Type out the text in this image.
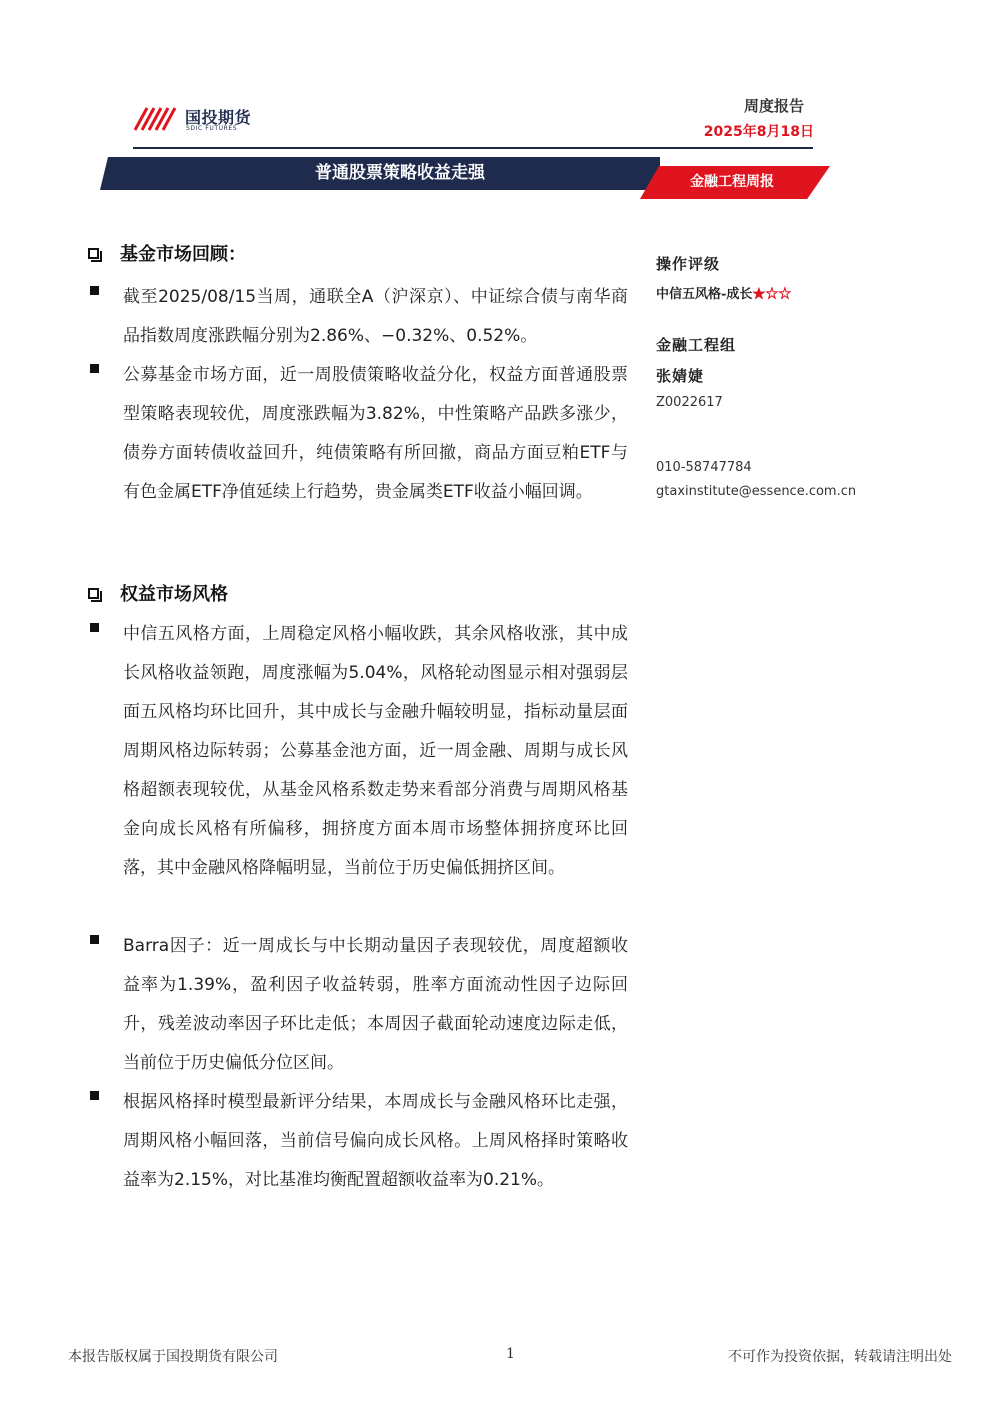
国投期货
SDIC FUTURES
周度报告
2025年8月18日
普通股票策略收益走强	金融工程周报
基金市场回顾：
截至2025/08/15当周，通联全A（沪深京）、中证综合债与南华商品指数周度涨跌幅分别为2.86%、−0.32%、0.52%。
公募基金市场方面，近一周股债策略收益分化，权益方面普通股票型策略表现较优，周度涨跌幅为3.82%，中性策略产品跌多涨少，债券方面转债收益回升，纯债策略有所回撤，商品方面豆粕ETF与有色金属ETF净值延续上行趋势，贵金属类ETF收益小幅回调。
权益市场风格
中信五风格方面，上周稳定风格小幅收跌，其余风格收涨，其中成长风格收益领跑，周度涨幅为5.04%，风格轮动图显示相对强弱层面五风格均环比回升，其中成长与金融升幅较明显，指标动量层面周期风格边际转弱；公募基金池方面，近一周金融、周期与成长风格超额表现较优，从基金风格系数走势来看部分消费与周期风格基金向成长风格有所偏移，拥挤度方面本周市场整体拥挤度环比回落，其中金融风格降幅明显，当前位于历史偏低拥挤区间。
Barra因子：近一周成长与中长期动量因子表现较优，周度超额收益率为1.39%，盈利因子收益转弱，胜率方面流动性因子边际回升，残差波动率因子环比走低；本周因子截面轮动速度边际走低，当前位于历史偏低分位区间。
根据风格择时模型最新评分结果，本周成长与金融风格环比走强，周期风格小幅回落，当前信号偏向成长风格。上周风格择时策略收益率为2.15%，对比基准均衡配置超额收益率为0.21%。
操作评级
中信五风格-成长★☆☆
金融工程组
张婧婕
Z0022617
010-58747784
gtaxinstitute@essence.com.cn
本报告版权属于国投期货有限公司	1	不可作为投资依据，转载请注明出处
